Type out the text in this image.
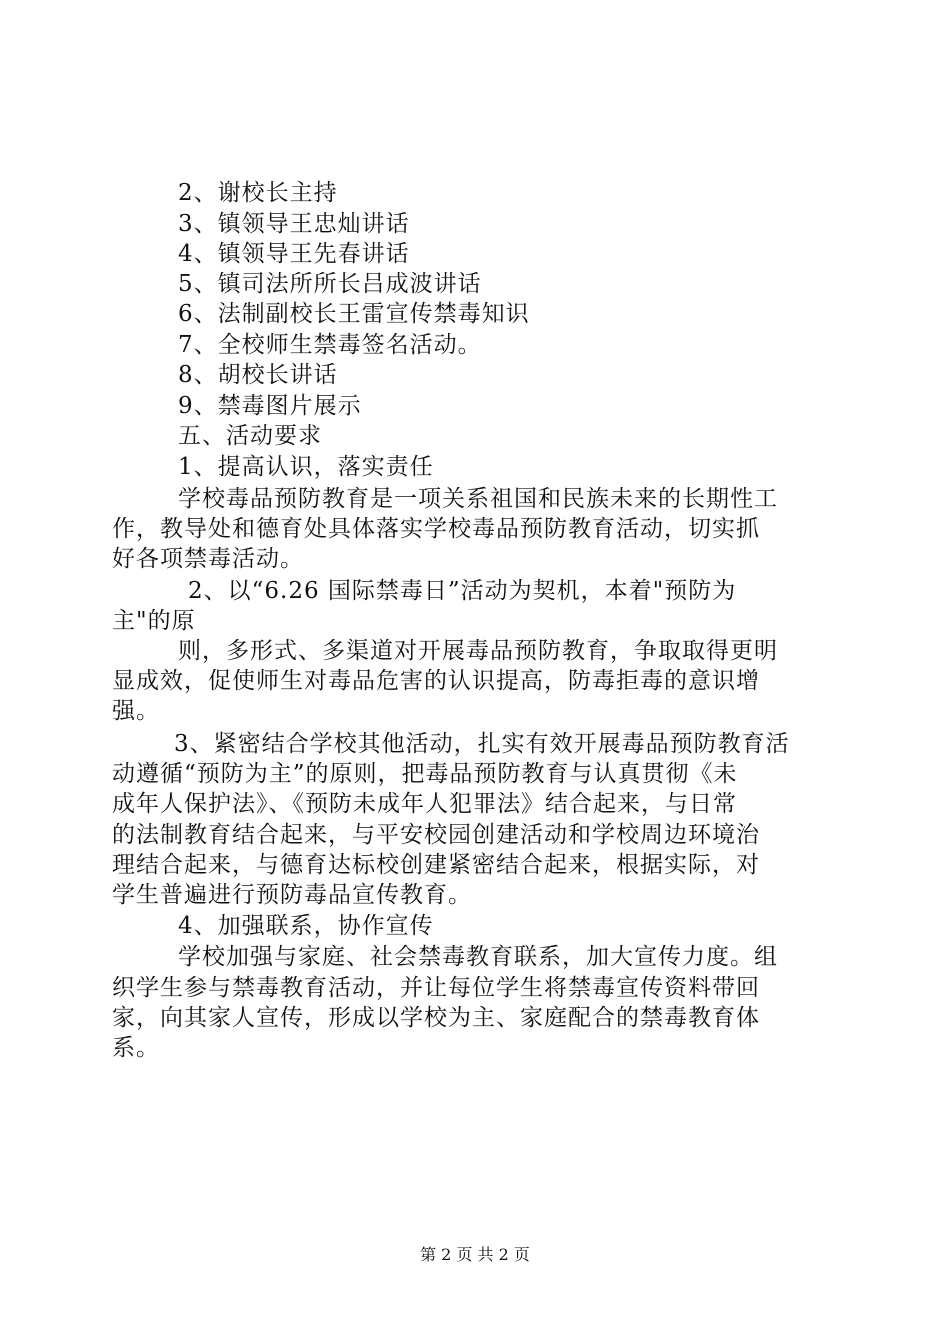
2、谢校长主持
3、镇领导王忠灿讲话
4、镇领导王先春讲话
5、镇司法所所长吕成波讲话
6、法制副校长王雷宣传禁毒知识
7、全校师生禁毒签名活动。
8、胡校长讲话
9、禁毒图片展示
五、活动要求
1、提高认识，落实责任
学校毒品预防教育是一项关系祖国和民族未来的长期性工
作，教导处和德育处具体落实学校毒品预防教育活动，切实抓
好各项禁毒活动。
2、以“6.26 国际禁毒日”活动为契机，本着"预防为
主"的原
则，多形式、多渠道对开展毒品预防教育，争取取得更明
显成效，促使师生对毒品危害的认识提高，防毒拒毒的意识增
强。
3、紧密结合学校其他活动，扎实有效开展毒品预防教育活
动遵循“预防为主”的原则，把毒品预防教育与认真贯彻《未
成年人保护法》、《预防未成年人犯罪法》结合起来，与日常
的法制教育结合起来，与平安校园创建活动和学校周边环境治
理结合起来，与德育达标校创建紧密结合起来，根据实际，对
学生普遍进行预防毒品宣传教育。
4、加强联系，协作宣传
学校加强与家庭、社会禁毒教育联系，加大宣传力度。组
织学生参与禁毒教育活动，并让每位学生将禁毒宣传资料带回
家，向其家人宣传，形成以学校为主、家庭配合的禁毒教育体
系。
第 2 页 共 2 页
